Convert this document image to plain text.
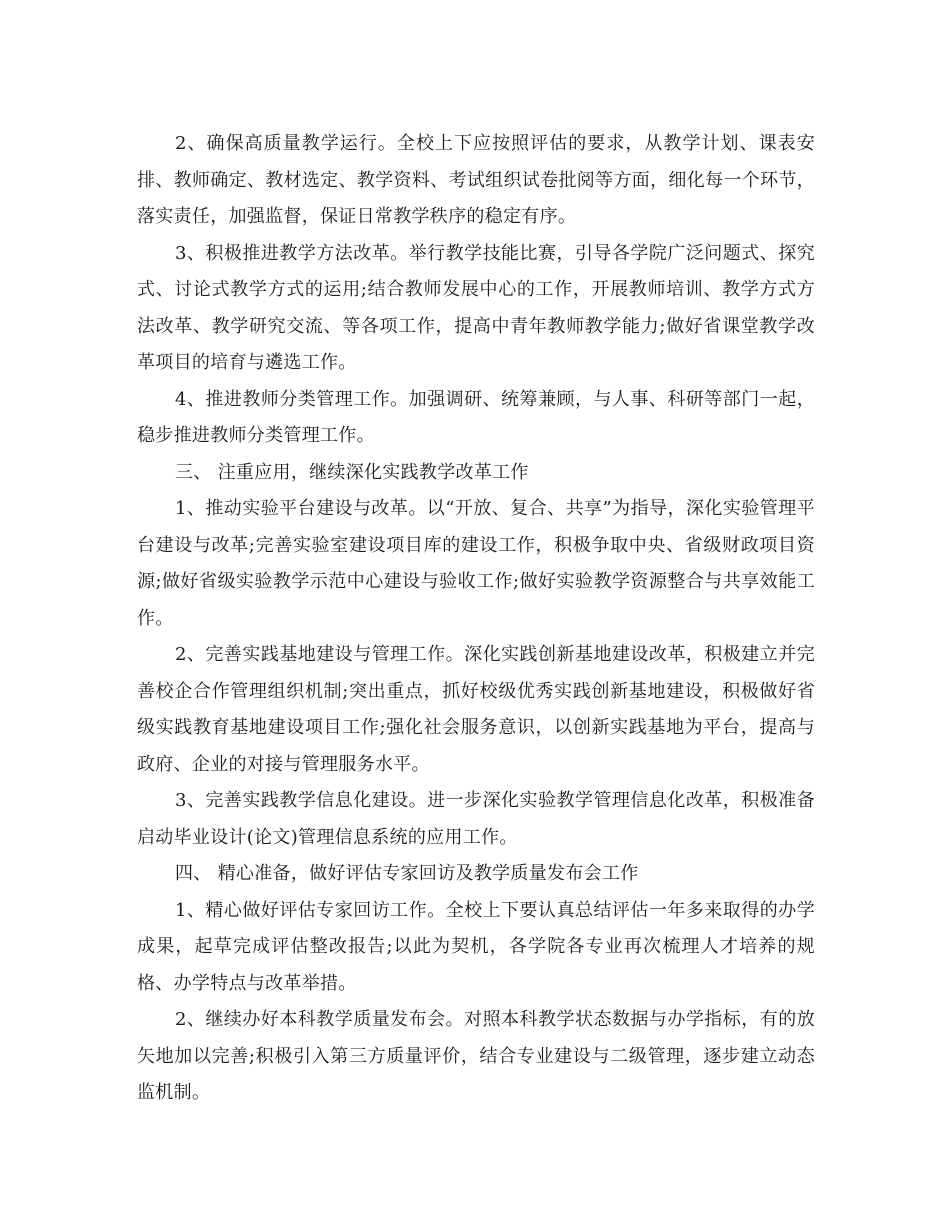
2、确保高质量教学运行。全校上下应按照评估的要求，从教学计划、课表安排、教师确定、教材选定、教学资料、考试组织试卷批阅等方面，细化每一个环节，落实责任，加强监督，保证日常教学秩序的稳定有序。

3、积极推进教学方法改革。举行教学技能比赛，引导各学院广泛问题式、探究式、讨论式教学方式的运用;结合教师发展中心的工作，开展教师培训、教学方式方法改革、教学研究交流、等各项工作，提高中青年教师教学能力;做好省课堂教学改革项目的培育与遴选工作。

4、推进教师分类管理工作。加强调研、统筹兼顾，与人事、科研等部门一起，稳步推进教师分类管理工作。

三、 注重应用，继续深化实践教学改革工作

1、推动实验平台建设与改革。以“开放、复合、共享”为指导，深化实验管理平台建设与改革;完善实验室建设项目库的建设工作，积极争取中央、省级财政项目资源;做好省级实验教学示范中心建设与验收工作;做好实验教学资源整合与共享效能工作。

2、完善实践基地建设与管理工作。深化实践创新基地建设改革，积极建立并完善校企合作管理组织机制;突出重点，抓好校级优秀实践创新基地建设，积极做好省级实践教育基地建设项目工作;强化社会服务意识，以创新实践基地为平台，提高与政府、企业的对接与管理服务水平。

3、完善实践教学信息化建设。进一步深化实验教学管理信息化改革，积极准备启动毕业设计(论文)管理信息系统的应用工作。

四、 精心准备，做好评估专家回访及教学质量发布会工作

1、精心做好评估专家回访工作。全校上下要认真总结评估一年多来取得的办学成果，起草完成评估整改报告;以此为契机，各学院各专业再次梳理人才培养的规格、办学特点与改革举措。

2、继续办好本科教学质量发布会。对照本科教学状态数据与办学指标，有的放矢地加以完善;积极引入第三方质量评价，结合专业建设与二级管理，逐步建立动态监机制。
